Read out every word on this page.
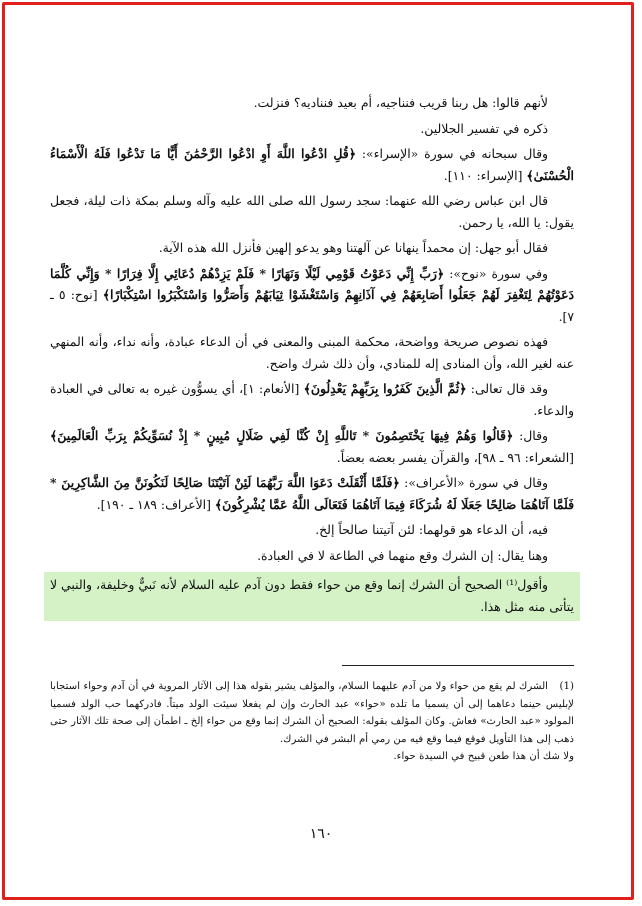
لأنهم قالوا: هل ربنا قريب فنناجيه، أم بعيد فنناديه؟ فنزلت.

ذكره في تفسير الجلالين.

وقال سبحانه في سورة «الإسراء»: ﴿قُلِ ادْعُوا اللَّهَ أَوِ ادْعُوا الرَّحْمَٰنَ أَيًّا مَا تَدْعُوا فَلَهُ الْأَسْمَاءُ الْحُسْنَىٰ﴾ [الإسراء: ١١٠].

قال ابن عباس رضي الله عنهما: سجد رسول الله صلى الله عليه وآله وسلم بمكة ذات ليلة، فجعل يقول: يا الله، يا رحمن.

فقال أبو جهل: إن محمداً ينهانا عن آلهتنا وهو يدعو إلهين فأنزل الله هذه الآية.

وفي سورة «نوح»: ﴿رَبِّ إِنِّي دَعَوْتُ قَوْمِي لَيْلًا وَنَهَارًا * فَلَمْ يَزِدْهُمْ دُعَائِي إِلَّا فِرَارًا * وَإِنِّي كُلَّمَا دَعَوْتُهُمْ لِتَغْفِرَ لَهُمْ جَعَلُوا أَصَابِعَهُمْ فِي آذَانِهِمْ وَاسْتَغْشَوْا ثِيَابَهُمْ وَأَصَرُّوا وَاسْتَكْبَرُوا اسْتِكْبَارًا﴾ [نوح: ٥ ـ ٧].

فهذه نصوص صريحة وواضحة، محكمة المبنى والمعنى في أن الدعاء عبادة، وأنه نداء، وأنه المنهي عنه لغير الله، وأن المنادى إله للمنادي، وأن ذلك شرك واضح.

وقد قال تعالى: ﴿ثُمَّ الَّذِينَ كَفَرُوا بِرَبِّهِمْ يَعْدِلُونَ﴾ [الأنعام: ١]، أي يسوُّون غيره به تعالى في العبادة والدعاء.

وقال: ﴿قَالُوا وَهُمْ فِيهَا يَخْتَصِمُونَ * تَاللَّهِ إِنْ كُنَّا لَفِي ضَلَالٍ مُبِينٍ * إِذْ نُسَوِّيكُمْ بِرَبِّ الْعَالَمِينَ﴾ [الشعراء: ٩٦ ـ ٩٨]، والقرآن يفسر بعضه بعضاً.

وقال في سورة «الأعراف»: ﴿فَلَمَّا أَثْقَلَتْ دَعَوَا اللَّهَ رَبَّهُمَا لَئِنْ آتَيْتَنَا صَالِحًا لَنَكُونَنَّ مِنَ الشَّاكِرِينَ * فَلَمَّا آتَاهُمَا صَالِحًا جَعَلَا لَهُ شُرَكَاءَ فِيمَا آتَاهُمَا فَتَعَالَى اللَّهُ عَمَّا يُشْرِكُونَ﴾ [الأعراف: ١٨٩ ـ ١٩٠].

فيه، أن الدعاء هو قولهما: لئن آتيتنا صالحاً إلخ.

وهنا يقال: إن الشرك وقع منهما في الطاعة لا في العبادة.

وأقول⁽¹⁾ الصحيح أن الشرك إنما وقع من حواء فقط دون آدم عليه السلام لأنه نَبيٌّ وخليفة، والنبي لا يتأتى منه مثل هذا.

(1)الشرك لم يقع من حواء ولا من آدم عليهما السلام، والمؤلف يشير بقوله هذا إلى الآثار المروية في أن آدم وحواء استجابا لإبليس حينما دعاهما إلى أن يسميا ما تلده «حواء» عبد الحارث وإن لم يفعلا سيئت الولد ميتاً. فادركهما حب الولد فسميا المولود «عبد الحارث» فعاش. وكان المؤلف بقوله: الصحيح أن الشرك إنما وقع من حواء إلخ ـ اطمأن إلى صحة تلك الآثار حتى ذهب إلى هذا التأويل فوقع فيما وقع فيه من رمي أم البشر في الشرك.

ولا شك أن هذا طعن قبيح في السيدة حواء.

١٦٠
